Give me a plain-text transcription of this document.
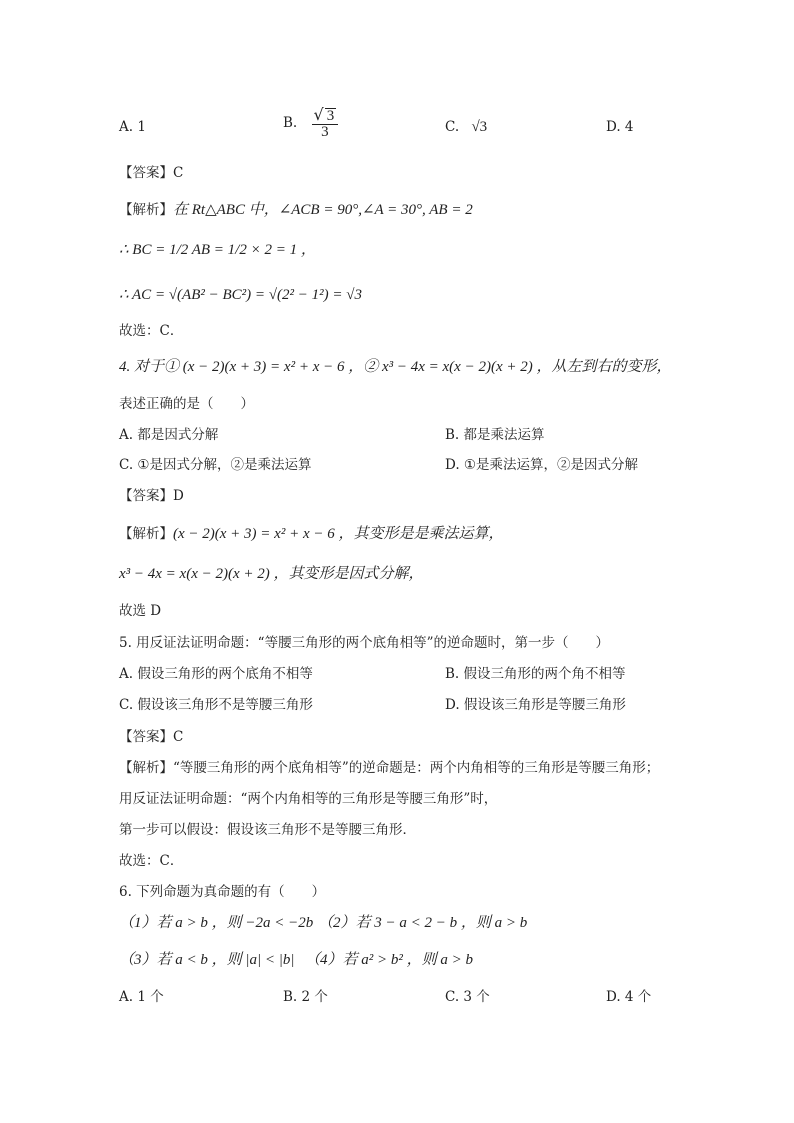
A. 1	B. $\frac{√ 3}{3}$	C. √3	D. 4
【答案】C
【解析】在 Rt△ABC 中，∠ACB = 90°,∠A = 30°, AB = 2
∴ BC = 1/2 AB = 1/2 × 2 = 1 ，
∴ AC = √(AB² − BC²) = √(2² − 1²) = √3
故选：C．
4. 对于① (x − 2)(x + 3) = x² + x − 6 ，② x³ − 4x = x(x − 2)(x + 2) ，从左到右的变形，
表述正确的是（　　）
A. 都是因式分解	B. 都是乘法运算
C. ①是因式分解，②是乘法运算	D. ①是乘法运算，②是因式分解
【答案】D
【解析】(x − 2)(x + 3) = x² + x − 6 ，其变形是是乘法运算，
x³ − 4x = x(x − 2)(x + 2) ，其变形是因式分解，
故选 D
5. 用反证法证明命题：“等腰三角形的两个底角相等”的逆命题时，第一步（　　）
A. 假设三角形的两个底角不相等	B. 假设三角形的两个角不相等
C. 假设该三角形不是等腰三角形	D. 假设该三角形是等腰三角形
【答案】C
【解析】“等腰三角形的两个底角相等”的逆命题是：两个内角相等的三角形是等腰三角形；
用反证法证明命题：“两个内角相等的三角形是等腰三角形”时，
第一步可以假设：假设该三角形不是等腰三角形．
故选：C．
6. 下列命题为真命题的有（　　）
（1）若 a > b ，则 −2a < −2b （2）若 3 − a < 2 − b ，则 a > b
（3）若 a < b ，则 |a| < |b| （4）若 a² > b² ，则 a > b
A. 1 个	B. 2 个	C. 3 个	D. 4 个
